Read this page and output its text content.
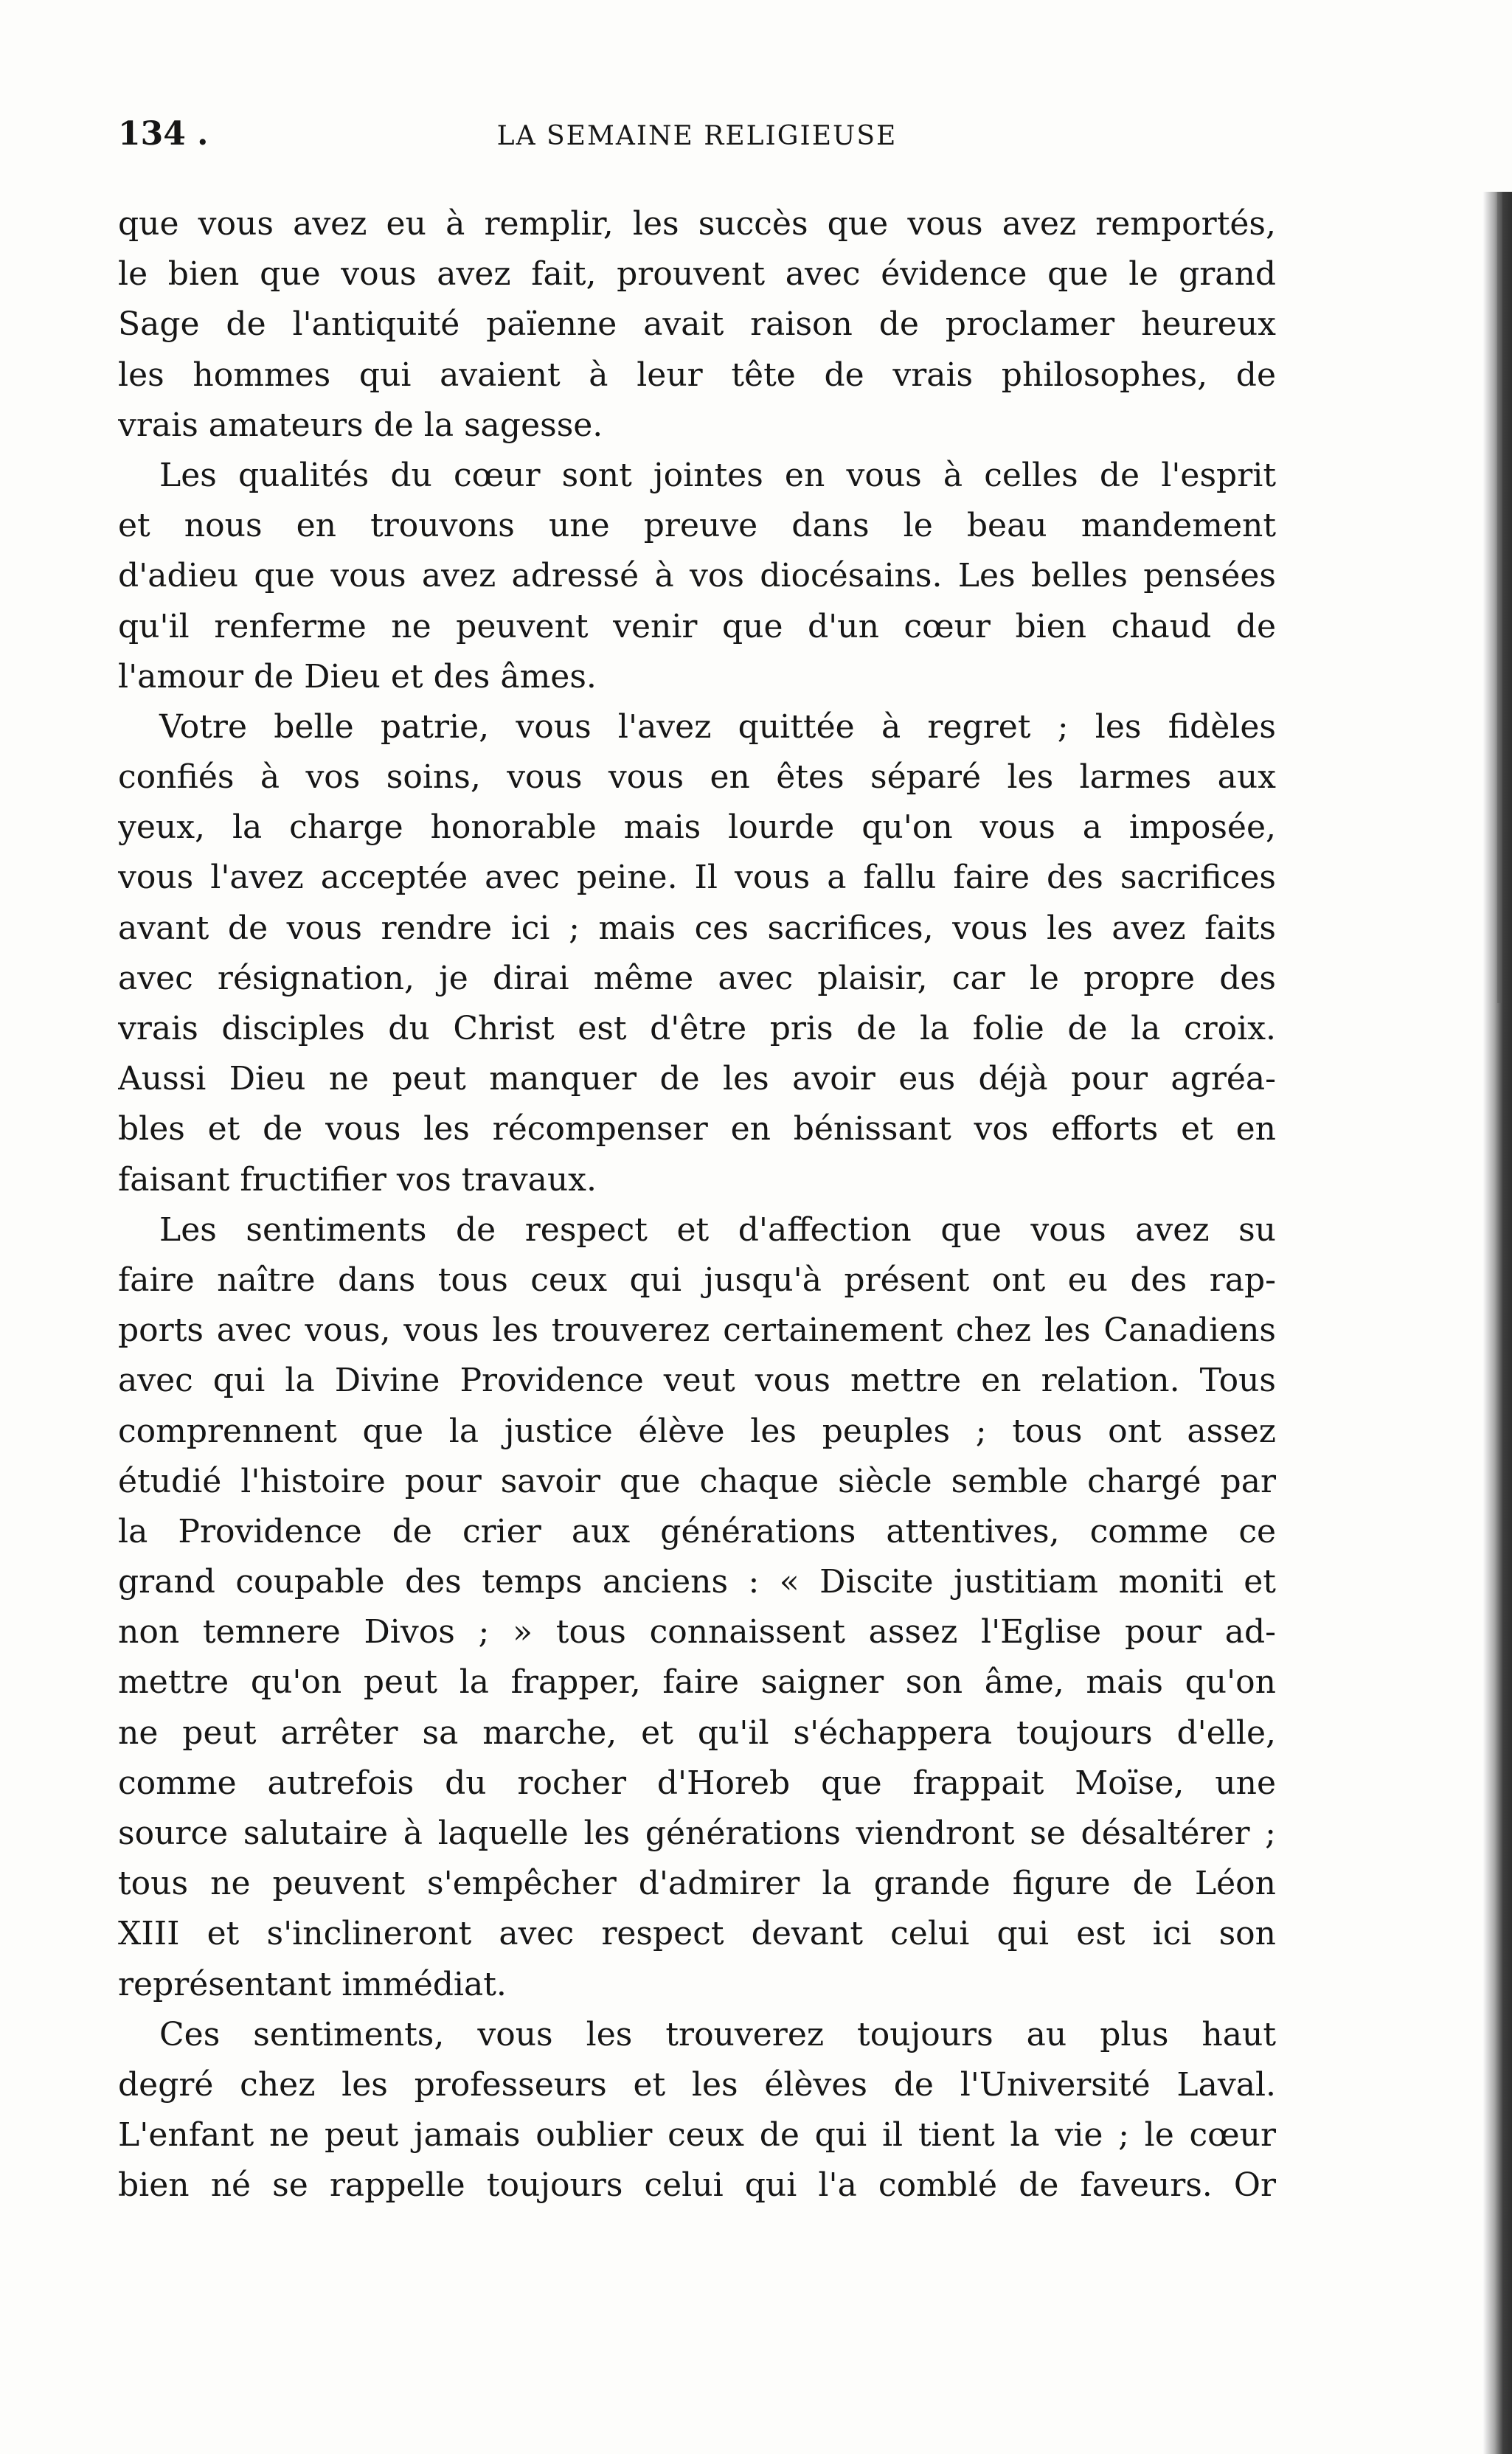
134 .	LA SEMAINE RELIGIEUSE
que vous avez eu à remplir, les succès que vous avez remportés,
le bien que vous avez fait, prouvent avec évidence que le grand
Sage de l'antiquité païenne avait raison de proclamer heureux
les hommes qui avaient à leur tête de vrais philosophes, de
vrais amateurs de la sagesse.
Les qualités du cœur sont jointes en vous à celles de l'esprit
et nous en trouvons une preuve dans le beau mandement
d'adieu que vous avez adressé à vos diocésains. Les belles pensées
qu'il renferme ne peuvent venir que d'un cœur bien chaud de
l'amour de Dieu et des âmes.
Votre belle patrie, vous l'avez quittée à regret ; les fidèles
confiés à vos soins, vous vous en êtes séparé les larmes aux
yeux, la charge honorable mais lourde qu'on vous a imposée,
vous l'avez acceptée avec peine. Il vous a fallu faire des sacrifices
avant de vous rendre ici ; mais ces sacrifices, vous les avez faits
avec résignation, je dirai même avec plaisir, car le propre des
vrais disciples du Christ est d'être pris de la folie de la croix.
Aussi Dieu ne peut manquer de les avoir eus déjà pour agréa-
bles et de vous les récompenser en bénissant vos efforts et en
faisant fructifier vos travaux.
Les sentiments de respect et d'affection que vous avez su
faire naître dans tous ceux qui jusqu'à présent ont eu des rap-
ports avec vous, vous les trouverez certainement chez les Canadiens
avec qui la Divine Providence veut vous mettre en relation. Tous
comprennent que la justice élève les peuples ; tous ont assez
étudié l'histoire pour savoir que chaque siècle semble chargé par
la Providence de crier aux générations attentives, comme ce
grand coupable des temps anciens : « Discite justitiam moniti et
non temnere Divos ; » tous connaissent assez l'Eglise pour ad-
mettre qu'on peut la frapper, faire saigner son âme, mais qu'on
ne peut arrêter sa marche, et qu'il s'échappera toujours d'elle,
comme autrefois du rocher d'Horeb que frappait Moïse, une
source salutaire à laquelle les générations viendront se désaltérer ;
tous ne peuvent s'empêcher d'admirer la grande figure de Léon
XIII et s'inclineront avec respect devant celui qui est ici son
représentant immédiat.
Ces sentiments, vous les trouverez toujours au plus haut
degré chez les professeurs et les élèves de l'Université Laval.
L'enfant ne peut jamais oublier ceux de qui il tient la vie ; le cœur
bien né se rappelle toujours celui qui l'a comblé de faveurs. Or
